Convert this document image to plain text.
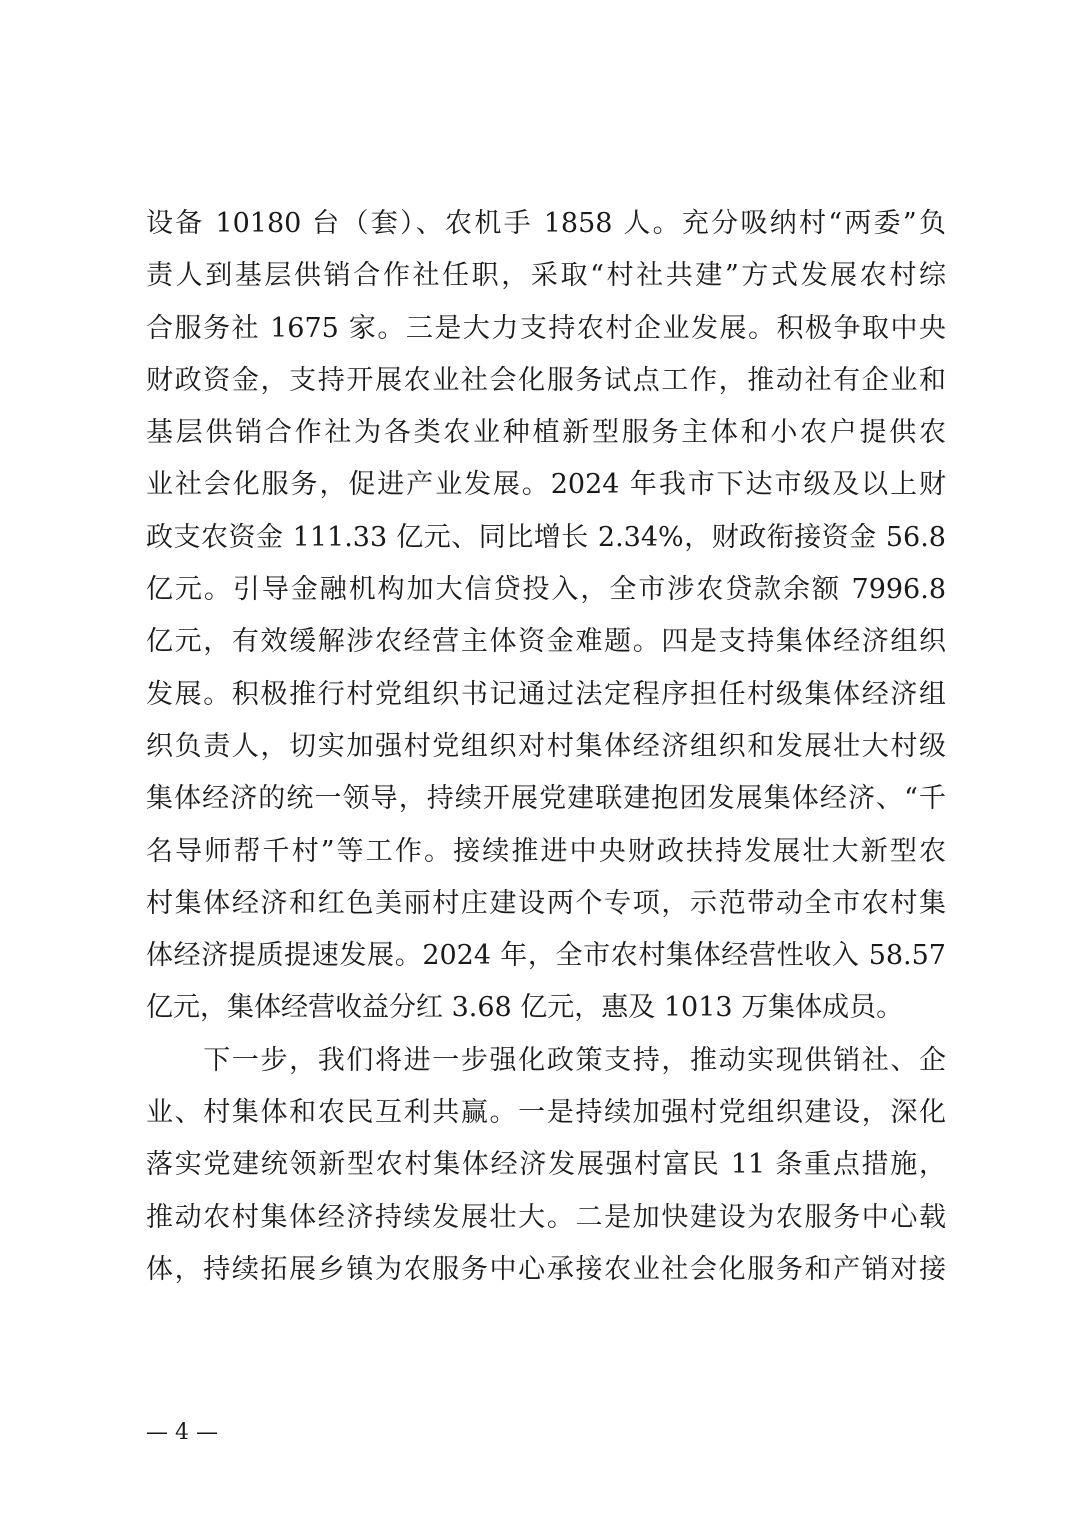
设备 10180 台（套）、农机手 1858 人。充分吸纳村“两委”负
责人到基层供销合作社任职，采取“村社共建”方式发展农村综
合服务社 1675 家。三是大力支持农村企业发展。积极争取中央
财政资金，支持开展农业社会化服务试点工作，推动社有企业和
基层供销合作社为各类农业种植新型服务主体和小农户提供农
业社会化服务，促进产业发展。2024 年我市下达市级及以上财
政支农资金 111.33 亿元、同比增长 2.34%，财政衔接资金 56.8
亿元。引导金融机构加大信贷投入，全市涉农贷款余额 7996.8
亿元，有效缓解涉农经营主体资金难题。四是支持集体经济组织
发展。积极推行村党组织书记通过法定程序担任村级集体经济组
织负责人，切实加强村党组织对村集体经济组织和发展壮大村级
集体经济的统一领导，持续开展党建联建抱团发展集体经济、“千
名导师帮千村”等工作。接续推进中央财政扶持发展壮大新型农
村集体经济和红色美丽村庄建设两个专项，示范带动全市农村集
体经济提质提速发展。2024 年，全市农村集体经营性收入 58.57
亿元，集体经营收益分红 3.68 亿元，惠及 1013 万集体成员。
　　下一步，我们将进一步强化政策支持，推动实现供销社、企
业、村集体和农民互利共赢。一是持续加强村党组织建设，深化
落实党建统领新型农村集体经济发展强村富民 11 条重点措施，
推动农村集体经济持续发展壮大。二是加快建设为农服务中心载
体，持续拓展乡镇为农服务中心承接农业社会化服务和产销对接
— 4 —
